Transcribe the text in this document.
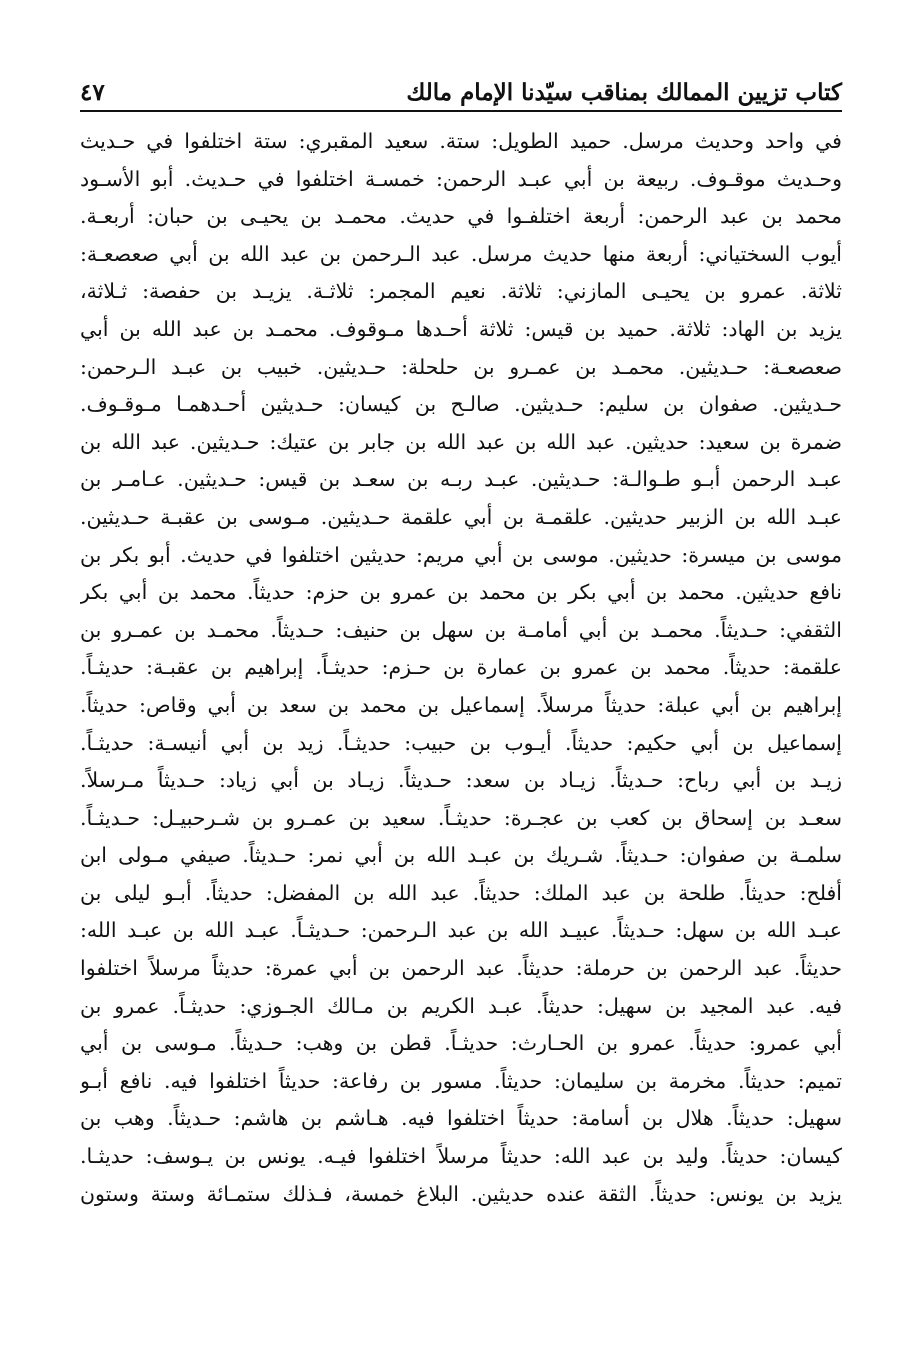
٤٧	كتاب تزيين الممالك بمناقب سيّدنا الإمام مالك
في واحد وحديث مرسل. حميد الطويل: ستة. سعيد المقبري: ستة اختلفوا في حـديث
وحـديث موقـوف. ربيعة بن أبي عبـد الرحمن: خمسـة اختلفوا في حـديث. أبو الأسـود
محمد بن عبد الرحمن: أربعة اختلفـوا في حديث. محمـد بن يحيـى بن حبان: أربعـة.
أيوب السختياني: أربعة منها حديث مرسل. عبد الـرحمن بن عبد الله بن أبي صعصعـة:
ثلاثة. عمرو بن يحيـى المازني: ثلاثة. نعيم المجمر: ثلاثـة. يزيـد بن حفصة: ثـلاثة،
يزيد بن الهاد: ثلاثة. حميد بن قيس: ثلاثة أحـدها مـوقوف. محمـد بن عبد الله بن أبي
صعصعـة: حـديثين. محمـد بن عمـرو بن حلحلة: حـديثين. خبيب بن عبـد الـرحمن:
حـديثين. صفوان بن سليم: حـديثين. صالـح بن كيسان: حـديثين أحـدهمـا مـوقـوف.
ضمرة بن سعيد: حديثين. عبد الله بن عبد الله بن جابر بن عتيك: حـديثين. عبد الله بن
عبـد الرحمن أبـو طـوالـة: حـديثين. عبـد ربـه بن سعـد بن قيس: حـديثين. عـامـر بن
عبـد الله بن الزبير حديثين. علقمـة بن أبي علقمة حـديثين. مـوسى بن عقبـة حـديثين.
موسى بن ميسرة: حديثين. موسى بن أبي مريم: حديثين اختلفوا في حديث. أبو بكر بن
نافع حديثين. محمد بن أبي بكر بن محمد بن عمرو بن حزم: حديثاً. محمد بن أبي بكر
الثقفي: حـديثاً. محمـد بن أبي أمامـة بن سهل بن حنيف: حـديثاً. محمـد بن عمـرو بن
علقمة: حديثاً. محمد بن عمرو بن عمارة بن حـزم: حديثـاً. إبراهيم بن عقبـة: حديثـاً.
إبراهيم بن أبي عبلة: حديثاً مرسلاً. إسماعيل بن محمد بن سعد بن أبي وقاص: حديثاً.
إسماعيل بن أبي حكيم: حديثاً. أيـوب بن حبيب: حديثـاً. زيد بن أبي أنيسـة: حديثـاً.
زيـد بن أبي رباح: حـديثاً. زيـاد بن سعد: حـديثاً. زيـاد بن أبي زياد: حـديثاً مـرسلاً.
سعـد بن إسحاق بن كعب بن عجـرة: حديثـاً. سعيد بن عمـرو بن شـرحبيـل: حـديثـاً.
سلمـة بن صفوان: حـديثاً. شـريك بن عبـد الله بن أبي نمر: حـديثاً. صيفي مـولى ابن
أفلح: حديثاً. طلحة بن عبد الملك: حديثاً. عبد الله بن المفضل: حديثاً. أبـو ليلى بن
عبـد الله بن سهل: حـديثاً. عبيـد الله بن عبد الـرحمن: حـديثـاً. عبـد الله بن عبـد الله:
حديثاً. عبد الرحمن بن حرملة: حديثاً. عبد الرحمن بن أبي عمرة: حديثاً مرسلاً اختلفوا
فيه. عبد المجيد بن سهيل: حديثاً. عبـد الكريم بن مـالك الجـوزي: حديثـاً. عمرو بن
أبي عمرو: حديثاً. عمرو بن الحـارث: حديثـاً. قطن بن وهب: حـديثاً. مـوسى بن أبي
تميم: حديثاً. مخرمة بن سليمان: حديثاً. مسور بن رفاعة: حديثاً اختلفوا فيه. نافع أبـو
سهيل: حديثاً. هلال بن أسامة: حديثاً اختلفوا فيه. هـاشم بن هاشم: حـديثاً. وهب بن
كيسان: حديثاً. وليد بن عبد الله: حديثاً مرسلاً اختلفوا فيـه. يونس بن يـوسف: حديثـا.
يزيد بن يونس: حديثاً. الثقة عنده حديثين. البلاغ خمسة، فـذلك ستمـائة وستة وستون
